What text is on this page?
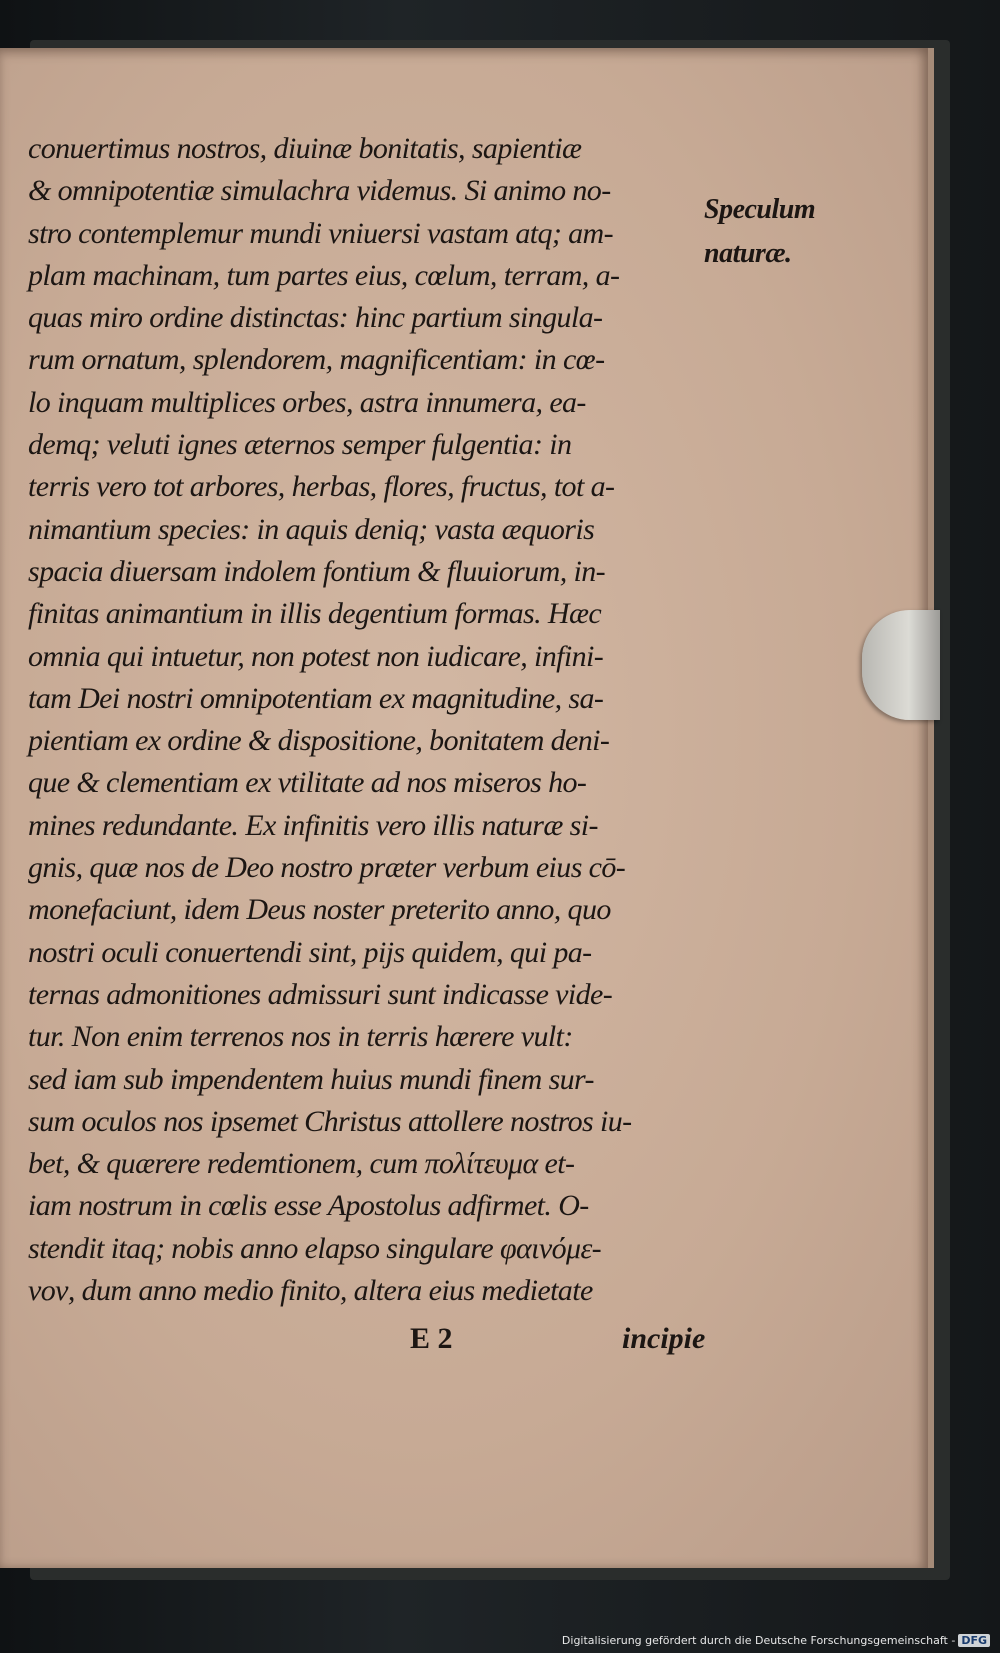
conuertimus nostros, diuinæ bonitatis, sapientiæ
& omnipotentiæ simulachra videmus. Si animo no-
stro contemplemur mundi vniuersi vastam atq; am-
plam machinam, tum partes eius, cœlum, terram, a-
quas miro ordine distinctas: hinc partium singula-
rum ornatum, splendorem, magnificentiam: in cœ-
lo inquam multiplices orbes, astra innumera, ea-
demq; veluti ignes æternos semper fulgentia: in
terris vero tot arbores, herbas, flores, fructus, tot a-
nimantium species: in aquis deniq; vasta æquoris
spacia diuersam indolem fontium & fluuiorum, in-
finitas animantium in illis degentium formas. Hæc
omnia qui intuetur, non potest non iudicare, infini-
tam Dei nostri omnipotentiam ex magnitudine, sa-
pientiam ex ordine & dispositione, bonitatem deni-
que & clementiam ex vtilitate ad nos miseros ho-
mines redundante. Ex infinitis vero illis naturæ si-
gnis, quæ nos de Deo nostro præter verbum eius cō-
monefaciunt, idem Deus noster preterito anno, quo
nostri oculi conuertendi sint, pijs quidem, qui pa-
ternas admonitiones admissuri sunt indicasse vide-
tur. Non enim terrenos nos in terris hærere vult:
sed iam sub impendentem huius mundi finem sur-
sum oculos nos ipsemet Christus attollere nostros iu-
bet, & quærere redemtionem, cum πολίτευμα et-
iam nostrum in cœlis esse Apostolus adfirmet. O-
stendit itaq; nobis anno elapso singulare φαινόμε-
νον, dum anno medio finito, altera eius medietate
Speculum
naturæ.
E 2	incipie
Digitalisierung gefördert durch die Deutsche Forschungsgemeinschaft - DFG
